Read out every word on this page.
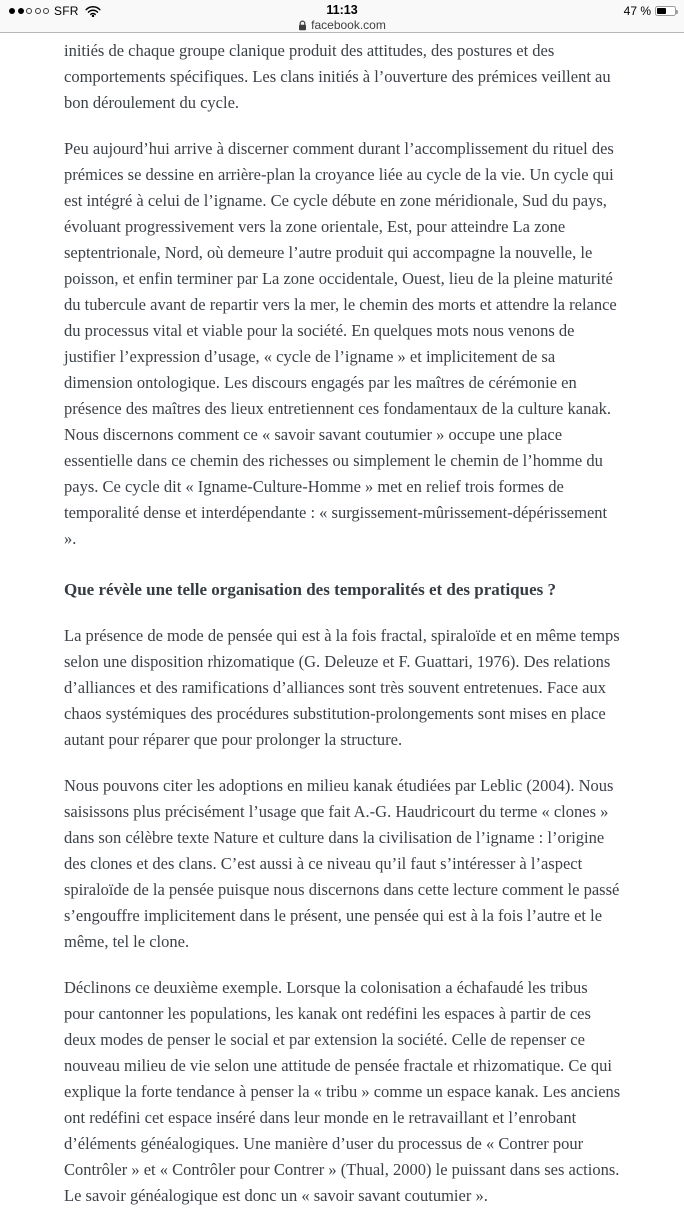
SFR	11:13
facebook.com
47 %

initiés de chaque groupe clanique produit des attitudes, des postures et des comportements spécifiques. Les clans initiés à l’ouverture des prémices veillent au bon déroulement du cycle.

Peu aujourd’hui arrive à discerner comment durant l’accomplissement du rituel des prémices se dessine en arrière-plan la croyance liée au cycle de la vie. Un cycle qui est intégré à celui de l’igname. Ce cycle débute en zone méridionale, Sud du pays, évoluant progressivement vers la zone orientale, Est, pour atteindre La zone septentrionale, Nord, où demeure l’autre produit qui accompagne la nouvelle, le poisson, et enfin terminer par La zone occidentale, Ouest, lieu de la pleine maturité du tubercule avant de repartir vers la mer, le chemin des morts et attendre la relance du processus vital et viable pour la société. En quelques mots nous venons de justifier l’expression d’usage, « cycle de l’igname » et implicitement de sa dimension ontologique. Les discours engagés par les maîtres de cérémonie en présence des maîtres des lieux entretiennent ces fondamentaux de la culture kanak. Nous discernons comment ce « savoir savant coutumier » occupe une place essentielle dans ce chemin des richesses ou simplement le chemin de l’homme du pays. Ce cycle dit « Igname-Culture-Homme » met en relief trois formes de temporalité dense et interdépendante : « surgissement-mûrissement-dépérissement ».

Que révèle une telle organisation des temporalités et des pratiques ?

La présence de mode de pensée qui est à la fois fractal, spiraloïde et en même temps selon une disposition rhizomatique (G. Deleuze et F. Guattari, 1976). Des relations d’alliances et des ramifications d’alliances sont très souvent entretenues. Face aux chaos systémiques des procédures substitution-prolongements sont mises en place autant pour réparer que pour prolonger la structure.

Nous pouvons citer les adoptions en milieu kanak étudiées par Leblic (2004). Nous saisissons plus précisément l’usage que fait A.-G. Haudricourt du terme « clones » dans son célèbre texte Nature et culture dans la civilisation de l’igname : l’origine des clones et des clans. C’est aussi à ce niveau qu’il faut s’intéresser à l’aspect spiraloïde de la pensée puisque nous discernons dans cette lecture comment le passé s’engouffre implicitement dans le présent, une pensée qui est à la fois l’autre et le même, tel le clone.

Déclinons ce deuxième exemple. Lorsque la colonisation a échafaudé les tribus pour cantonner les populations, les kanak ont redéfini les espaces à partir de ces deux modes de penser le social et par extension la société. Celle de repenser ce nouveau milieu de vie selon une attitude de pensée fractale et rhizomatique. Ce qui explique la forte tendance à penser la « tribu » comme un espace kanak. Les anciens ont redéfini cet espace inséré dans leur monde en le retravaillant et l’enrobant d’éléments généalogiques. Une manière d’user du processus de « Contrer pour Contrôler » et « Contrôler pour Contrer » (Thual, 2000) le puissant dans ses actions. Le savoir généalogique est donc un « savoir savant coutumier ».
